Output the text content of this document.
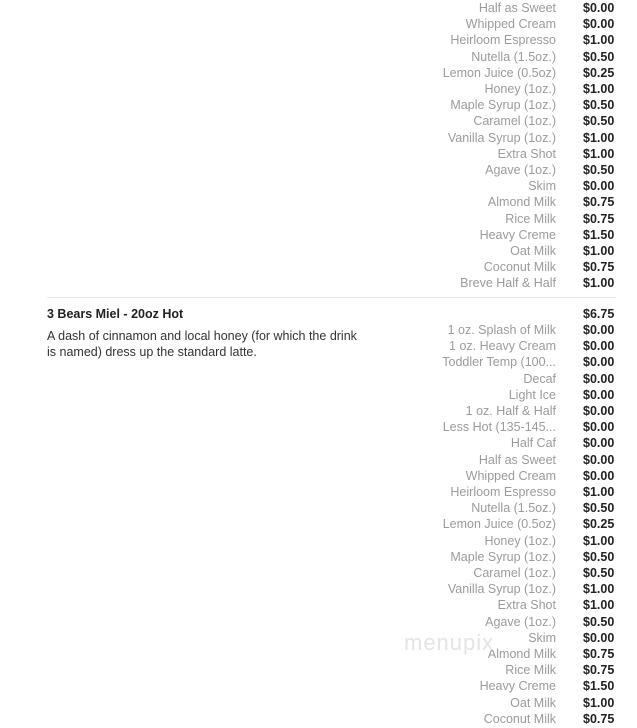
Half as Sweet $0.00
Whipped Cream $0.00
Heirloom Espresso $1.00
Nutella (1.5oz.) $0.50
Lemon Juice (0.5oz) $0.25
Honey (1oz.) $1.00
Maple Syrup (1oz.) $0.50
Caramel (1oz.) $0.50
Vanilla Syrup (1oz.) $1.00
Extra Shot $1.00
Agave (1oz.) $0.50
Skim $0.00
Almond Milk $0.75
Rice Milk $0.75
Heavy Creme $1.50
Oat Milk $1.00
Coconut Milk $0.75
Breve Half & Half $1.00
3 Bears Miel - 20oz Hot	$6.75
A dash of cinnamon and local honey (for which the drink is named) dress up the standard latte.
1 oz. Splash of Milk $0.00
1 oz. Heavy Cream $0.00
Toddler Temp (100... $0.00
Decaf $0.00
Light Ice $0.00
1 oz. Half & Half $0.00
Less Hot (135-145... $0.00
Half Caf $0.00
Half as Sweet $0.00
Whipped Cream $0.00
Heirloom Espresso $1.00
Nutella (1.5oz.) $0.50
Lemon Juice (0.5oz) $0.25
Honey (1oz.) $1.00
Maple Syrup (1oz.) $0.50
Caramel (1oz.) $0.50
Vanilla Syrup (1oz.) $1.00
Extra Shot $1.00
Agave (1oz.) $0.50
Skim $0.00
Almond Milk $0.75
Rice Milk $0.75
Heavy Creme $1.50
Oat Milk $1.00
Coconut Milk $0.75
menupix
